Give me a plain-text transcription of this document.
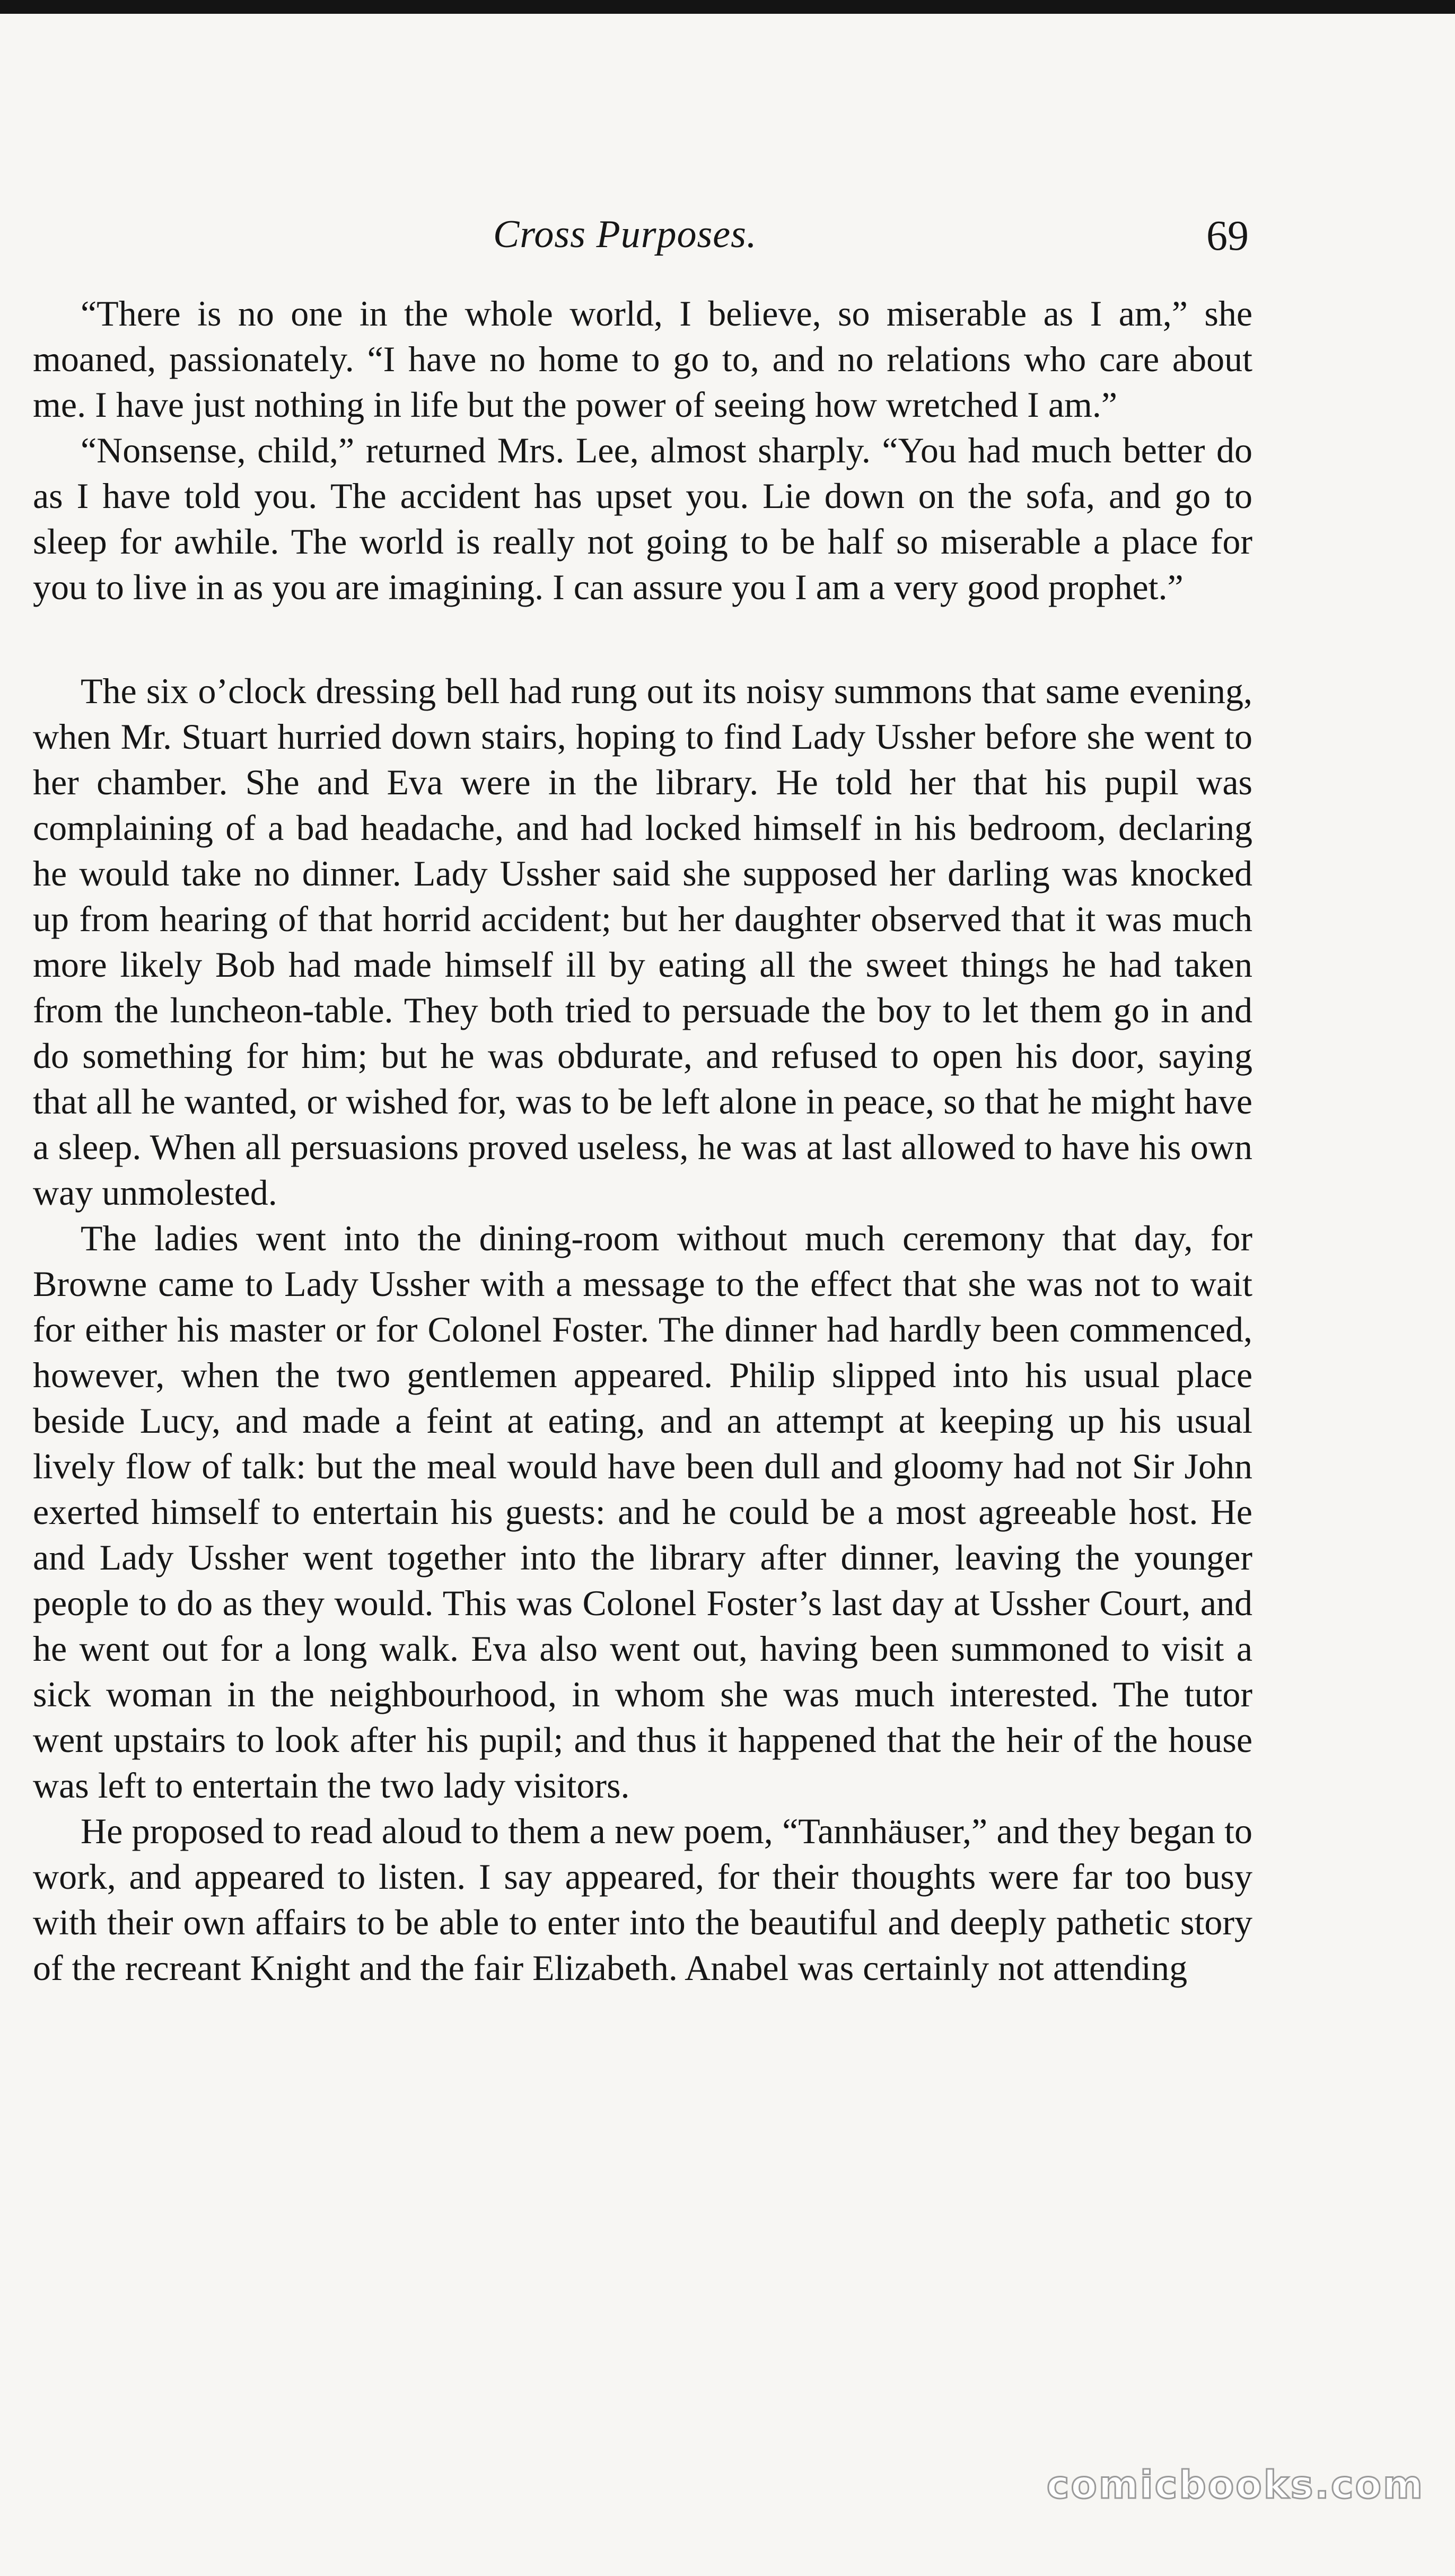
Cross Purposes.	69

“There is no one in the whole world, I believe, so miserable as I am,” she moaned, passionately. “I have no home to go to, and no relations who care about me. I have just nothing in life but the power of seeing how wretched I am.”

“Nonsense, child,” returned Mrs. Lee, almost sharply. “You had much better do as I have told you. The accident has upset you. Lie down on the sofa, and go to sleep for awhile. The world is really not going to be half so miserable a place for you to live in as you are imagining. I can assure you I am a very good prophet.”

The six o’clock dressing bell had rung out its noisy summons that same evening, when Mr. Stuart hurried down stairs, hoping to find Lady Ussher before she went to her chamber. She and Eva were in the library. He told her that his pupil was complaining of a bad headache, and had locked himself in his bedroom, declaring he would take no dinner. Lady Ussher said she supposed her darling was knocked up from hearing of that horrid accident; but her daughter observed that it was much more likely Bob had made himself ill by eating all the sweet things he had taken from the luncheon-table. They both tried to persuade the boy to let them go in and do something for him; but he was obdurate, and refused to open his door, saying that all he wanted, or wished for, was to be left alone in peace, so that he might have a sleep. When all persuasions proved useless, he was at last allowed to have his own way unmolested.

The ladies went into the dining-room without much ceremony that day, for Browne came to Lady Ussher with a message to the effect that she was not to wait for either his master or for Colonel Foster. The dinner had hardly been commenced, however, when the two gentlemen appeared. Philip slipped into his usual place beside Lucy, and made a feint at eating, and an attempt at keeping up his usual lively flow of talk: but the meal would have been dull and gloomy had not Sir John exerted himself to entertain his guests: and he could be a most agreeable host. He and Lady Ussher went together into the library after dinner, leaving the younger people to do as they would. This was Colonel Foster’s last day at Ussher Court, and he went out for a long walk. Eva also went out, having been summoned to visit a sick woman in the neighbourhood, in whom she was much interested. The tutor went upstairs to look after his pupil; and thus it happened that the heir of the house was left to entertain the two lady visitors.

He proposed to read aloud to them a new poem, “Tannhäuser,” and they began to work, and appeared to listen. I say appeared, for their thoughts were far too busy with their own affairs to be able to enter into the beautiful and deeply pathetic story of the recreant Knight and the fair Elizabeth. Anabel was certainly not attending

comicbooks.com
